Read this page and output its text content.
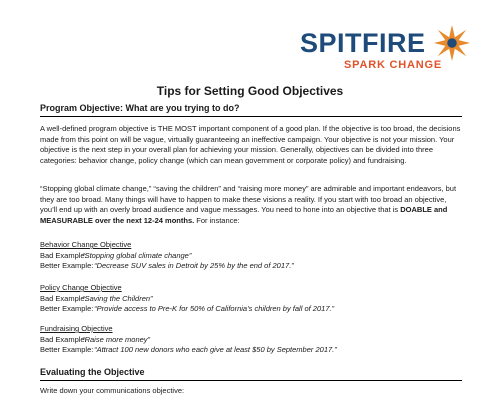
SPITFIRE
SPARK CHANGE
Tips for Setting Good Objectives
Program Objective: What are you trying to do?
A well-defined program objective is THE MOST important component of a good plan. If the objective is too broad, the decisions made from this point on will be vague, virtually guaranteeing an ineffective campaign. Your objective is not your mission. Your objective is the next step in your overall plan for achieving your mission. Generally, objectives can be divided into three categories: behavior change, policy change (which can mean government or corporate policy) and fundraising.
“Stopping global climate change,” “saving the children” and “raising more money” are admirable and important endeavors, but they are too broad. Many things will have to happen to make these visions a reality. If you start with too broad an objective, you’ll end up with an overly broad audience and vague messages. You need to hone into an objective that is DOABLE and MEASURABLE over the next 12-24 months. For instance:
Behavior Change Objective
Bad Example: “Stopping global climate change”
Better Example: “Decrease SUV sales in Detroit by 25% by the end of 2017.”
Policy Change Objective
Bad Example: “Saving the Children”
Better Example: “Provide access to Pre-K for 50% of California’s children by fall of 2017.”
Fundraising Objective
Bad Example: “Raise more money”
Better Example: “Attract 100 new donors who each give at least $50 by September 2017.”
Evaluating the Objective
Write down your communications objective:
